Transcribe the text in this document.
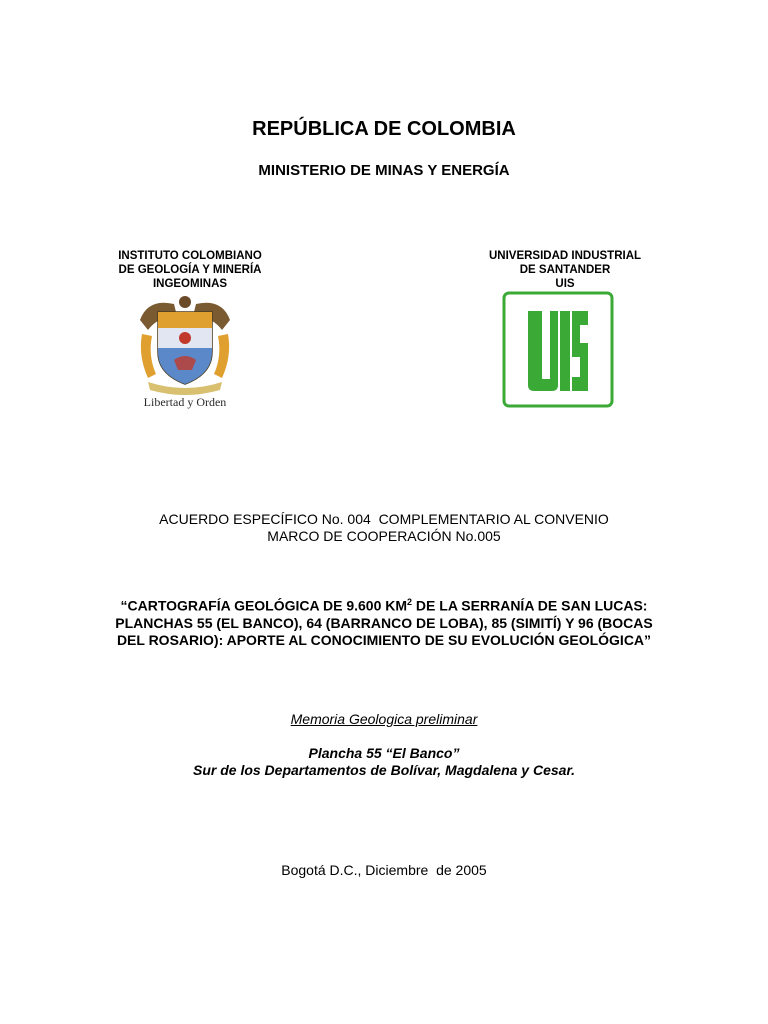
REPÚBLICA DE COLOMBIA
MINISTERIO DE MINAS Y ENERGÍA
INSTITUTO COLOMBIANO
DE GEOLOGÍA Y MINERÍA
INGEOMINAS
UNIVERSIDAD INDUSTRIAL
DE SANTANDER
UIS
Libertad y Orden
ACUERDO ESPECÍFICO No. 004  COMPLEMENTARIO AL CONVENIO
MARCO DE COOPERACIÓN No.005
“CARTOGRAFÍA GEOLÓGICA DE 9.600 $KM^2$ DE LA SERRANÍA DE SAN LUCAS: PLANCHAS 55 (EL BANCO), 64 (BARRANCO DE LOBA), 85 (SIMITÍ) Y 96 (BOCAS DEL ROSARIO): APORTE AL CONOCIMIENTO DE SU EVOLUCIÓN GEOLÓGICA”
Memoria Geologica preliminar
Plancha 55 “El Banco”
Sur de los Departamentos de Bolívar, Magdalena y Cesar.
Bogotá D.C., Diciembre  de 2005
